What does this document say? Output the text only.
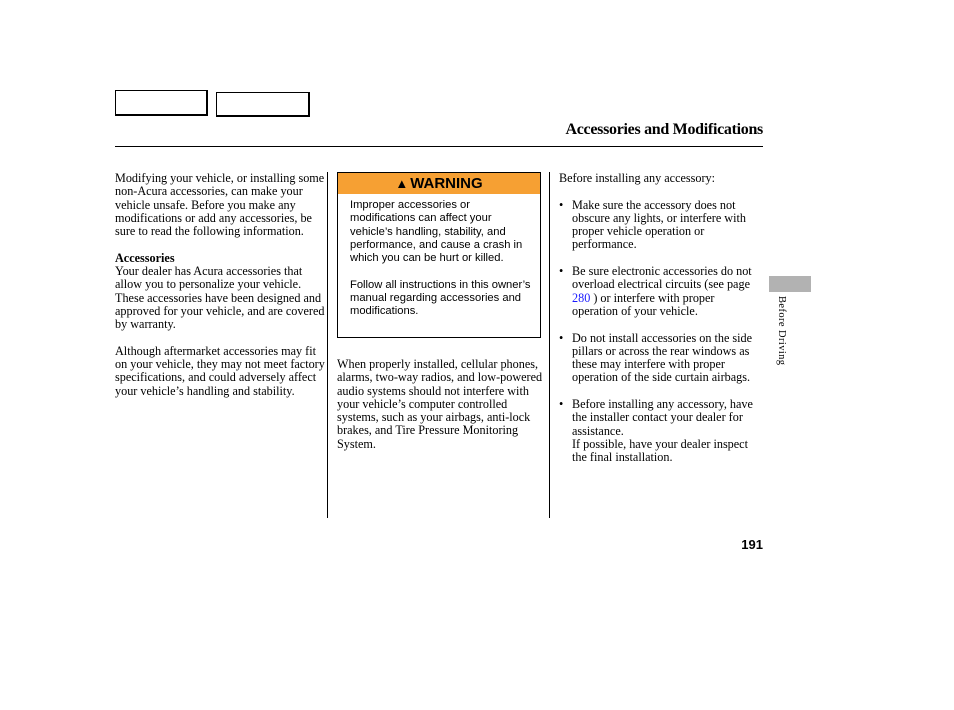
Accessories and Modifications

Modifying your vehicle, or installing some non-Acura accessories, can make your vehicle unsafe. Before you make any modifications or add any accessories, be sure to read the following information.

Accessories

Your dealer has Acura accessories that allow you to personalize your vehicle. These accessories have been designed and approved for your vehicle, and are covered by warranty.

Although aftermarket accessories may fit on your vehicle, they may not meet factory specifications, and could adversely affect your vehicle’s handling and stability.

▲ WARNING

Improper accessories or modifications can affect your vehicle’s handling, stability, and performance, and cause a crash in which you can be hurt or killed.

Follow all instructions in this owner’s manual regarding accessories and modifications.

When properly installed, cellular phones, alarms, two-way radios, and low-powered audio systems should not interfere with your vehicle’s computer controlled systems, such as your airbags, anti-lock brakes, and Tire Pressure Monitoring System.

Before installing any accessory:

• Make sure the accessory does not obscure any lights, or interfere with proper vehicle operation or performance.
• Be sure electronic accessories do not overload electrical circuits (see page 280 ) or interfere with proper operation of your vehicle.
• Do not install accessories on the side pillars or across the rear windows as these may interfere with proper operation of the side curtain airbags.
• Before installing any accessory, have the installer contact your dealer for assistance.
If possible, have your dealer inspect the final installation.
Before Driving
191
